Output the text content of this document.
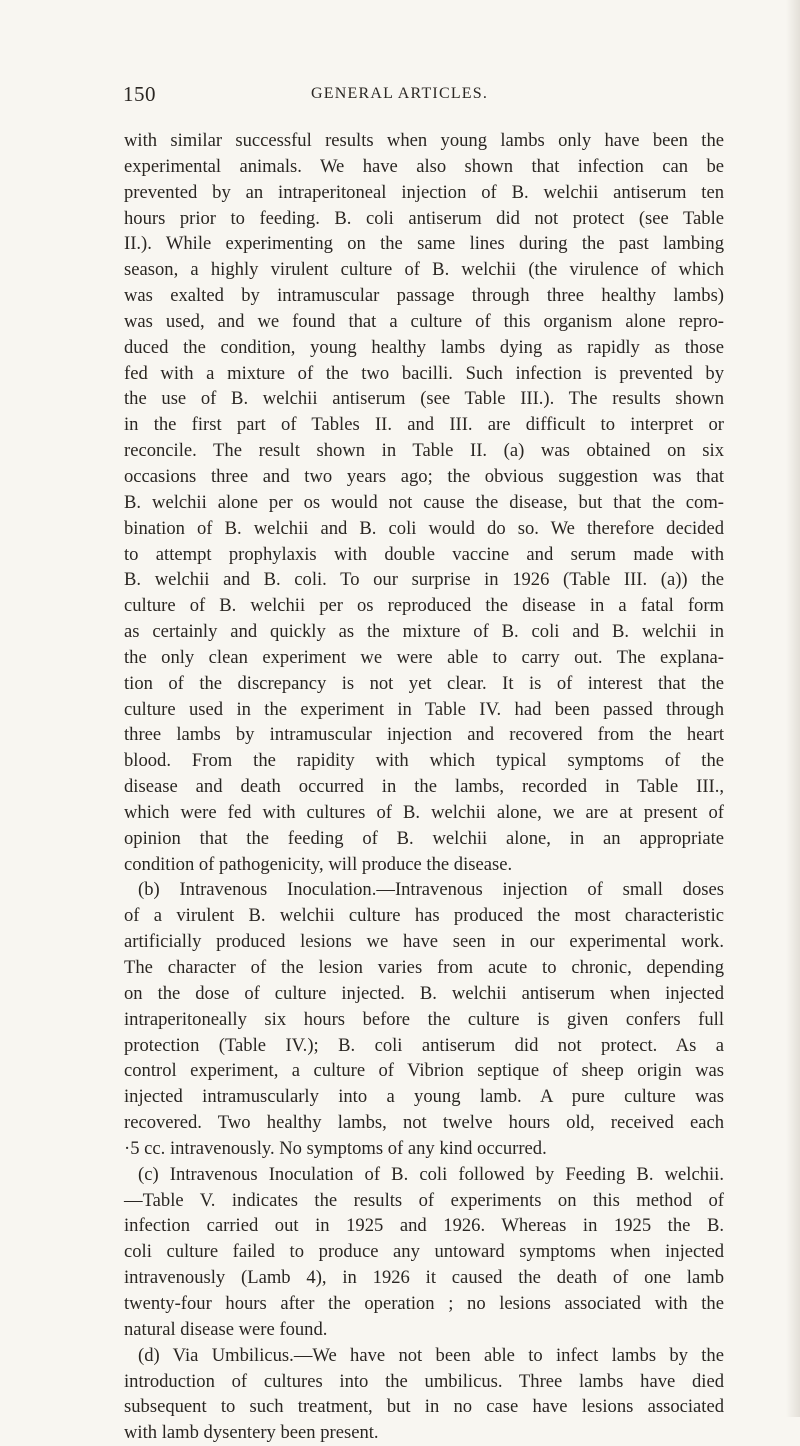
150	GENERAL ARTICLES.
with similar successful results when young lambs only have been the
experimental animals. We have also shown that infection can be
prevented by an intraperitoneal injection of B. welchii antiserum ten
hours prior to feeding. B. coli antiserum did not protect (see Table
II.). While experimenting on the same lines during the past lambing
season, a highly virulent culture of B. welchii (the virulence of which
was exalted by intramuscular passage through three healthy lambs)
was used, and we found that a culture of this organism alone repro-
duced the condition, young healthy lambs dying as rapidly as those
fed with a mixture of the two bacilli. Such infection is prevented by
the use of B. welchii antiserum (see Table III.). The results shown
in the first part of Tables II. and III. are difficult to interpret or
reconcile. The result shown in Table II. (a) was obtained on six
occasions three and two years ago; the obvious suggestion was that
B. welchii alone per os would not cause the disease, but that the com-
bination of B. welchii and B. coli would do so. We therefore decided
to attempt prophylaxis with double vaccine and serum made with
B. welchii and B. coli. To our surprise in 1926 (Table III. (a)) the
culture of B. welchii per os reproduced the disease in a fatal form
as certainly and quickly as the mixture of B. coli and B. welchii in
the only clean experiment we were able to carry out. The explana-
tion of the discrepancy is not yet clear. It is of interest that the
culture used in the experiment in Table IV. had been passed through
three lambs by intramuscular injection and recovered from the heart
blood. From the rapidity with which typical symptoms of the
disease and death occurred in the lambs, recorded in Table III.,
which were fed with cultures of B. welchii alone, we are at present of
opinion that the feeding of B. welchii alone, in an appropriate
condition of pathogenicity, will produce the disease.
(b) Intravenous Inoculation.—Intravenous injection of small doses
of a virulent B. welchii culture has produced the most characteristic
artificially produced lesions we have seen in our experimental work.
The character of the lesion varies from acute to chronic, depending
on the dose of culture injected. B. welchii antiserum when injected
intraperitoneally six hours before the culture is given confers full
protection (Table IV.); B. coli antiserum did not protect. As a
control experiment, a culture of Vibrion septique of sheep origin was
injected intramuscularly into a young lamb. A pure culture was
recovered. Two healthy lambs, not twelve hours old, received each
·5 cc. intravenously. No symptoms of any kind occurred.
(c) Intravenous Inoculation of B. coli followed by Feeding B. welchii.
—Table V. indicates the results of experiments on this method of
infection carried out in 1925 and 1926. Whereas in 1925 the B.
coli culture failed to produce any untoward symptoms when injected
intravenously (Lamb 4), in 1926 it caused the death of one lamb
twenty-four hours after the operation ; no lesions associated with the
natural disease were found.
(d) Via Umbilicus.—We have not been able to infect lambs by the
introduction of cultures into the umbilicus. Three lambs have died
subsequent to such treatment, but in no case have lesions associated
with lamb dysentery been present.
